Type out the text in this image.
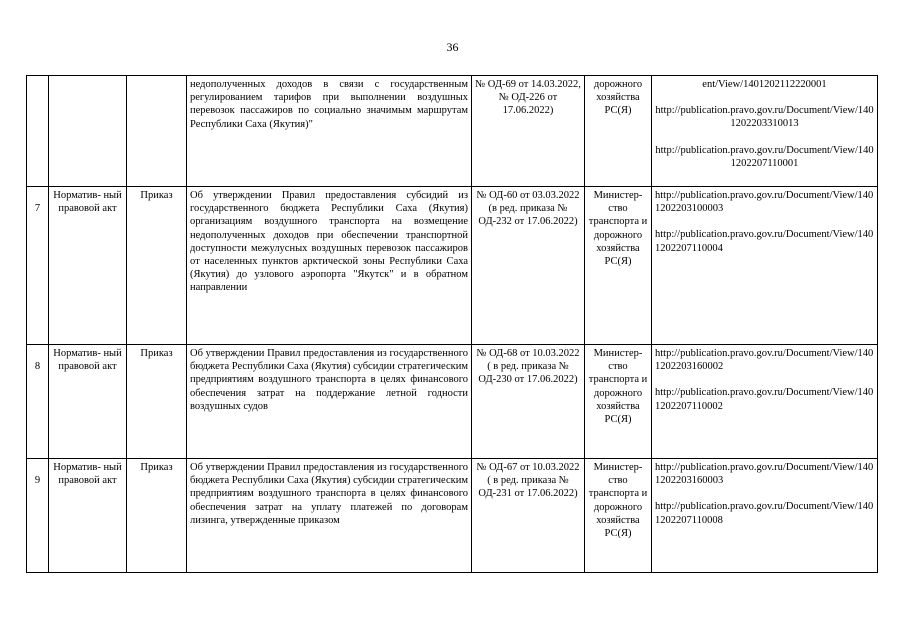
36
			недополученных доходов в связи с государственным регулированием тарифов при выполнении воздушных перевозок пассажиров по социально значимым маршрутам Республики Саха (Якутия)"	№ ОД-69 от 14.03.2022, № ОД-226 от 17.06.2022)	дорожного хозяйства РС(Я)	ent/View/1401202112220001
http://publication.pravo.gov.ru/Document/View/1401202203310013
http://publication.pravo.gov.ru/Document/View/1401202207110001

7	Норматив- ный правовой акт	Приказ	Об утверждении Правил предоставления субсидий из государственного бюджета Республики Саха (Якутия) организациям воздушного транспорта на возмещение недополученных доходов при обеспечении транспортной доступности межулусных воздушных перевозок пассажиров от населенных пунктов арктической зоны Республики Саха (Якутия) до узлового аэропорта "Якутск" и в обратном направлении	№ ОД-60 от 03.03.2022 (в ред. приказа № ОД-232 от 17.06.2022)	Министер- ство транспорта и дорожного хозяйства РС(Я)	http://publication.pravo.gov.ru/Document/View/1401202203100003
http://publication.pravo.gov.ru/Document/View/1401202207110004

8	Норматив- ный правовой акт	Приказ	Об утверждении Правил предоставления из государственного бюджета Республики Саха (Якутия) субсидии стратегическим предприятиям воздушного транспорта в целях финансового обеспечения затрат на поддержание летной годности воздушных судов	№ ОД-68 от 10.03.2022 ( в ред. приказа № ОД-230 от 17.06.2022)	Министер- ство транспорта и дорожного хозяйства РС(Я)	http://publication.pravo.gov.ru/Document/View/1401202203160002
http://publication.pravo.gov.ru/Document/View/1401202207110002

9	Норматив- ный правовой акт	Приказ	Об утверждении Правил предоставления из государственного бюджета Республики Саха (Якутия) субсидии стратегическим предприятиям воздушного транспорта в целях финансового обеспечения затрат на уплату платежей по договорам лизинга, утвержденные приказом	№ ОД-67 от 10.03.2022 ( в ред. приказа № ОД-231 от 17.06.2022)	Министер- ство транспорта и дорожного хозяйства РС(Я)	http://publication.pravo.gov.ru/Document/View/1401202203160003
http://publication.pravo.gov.ru/Document/View/1401202207110008
